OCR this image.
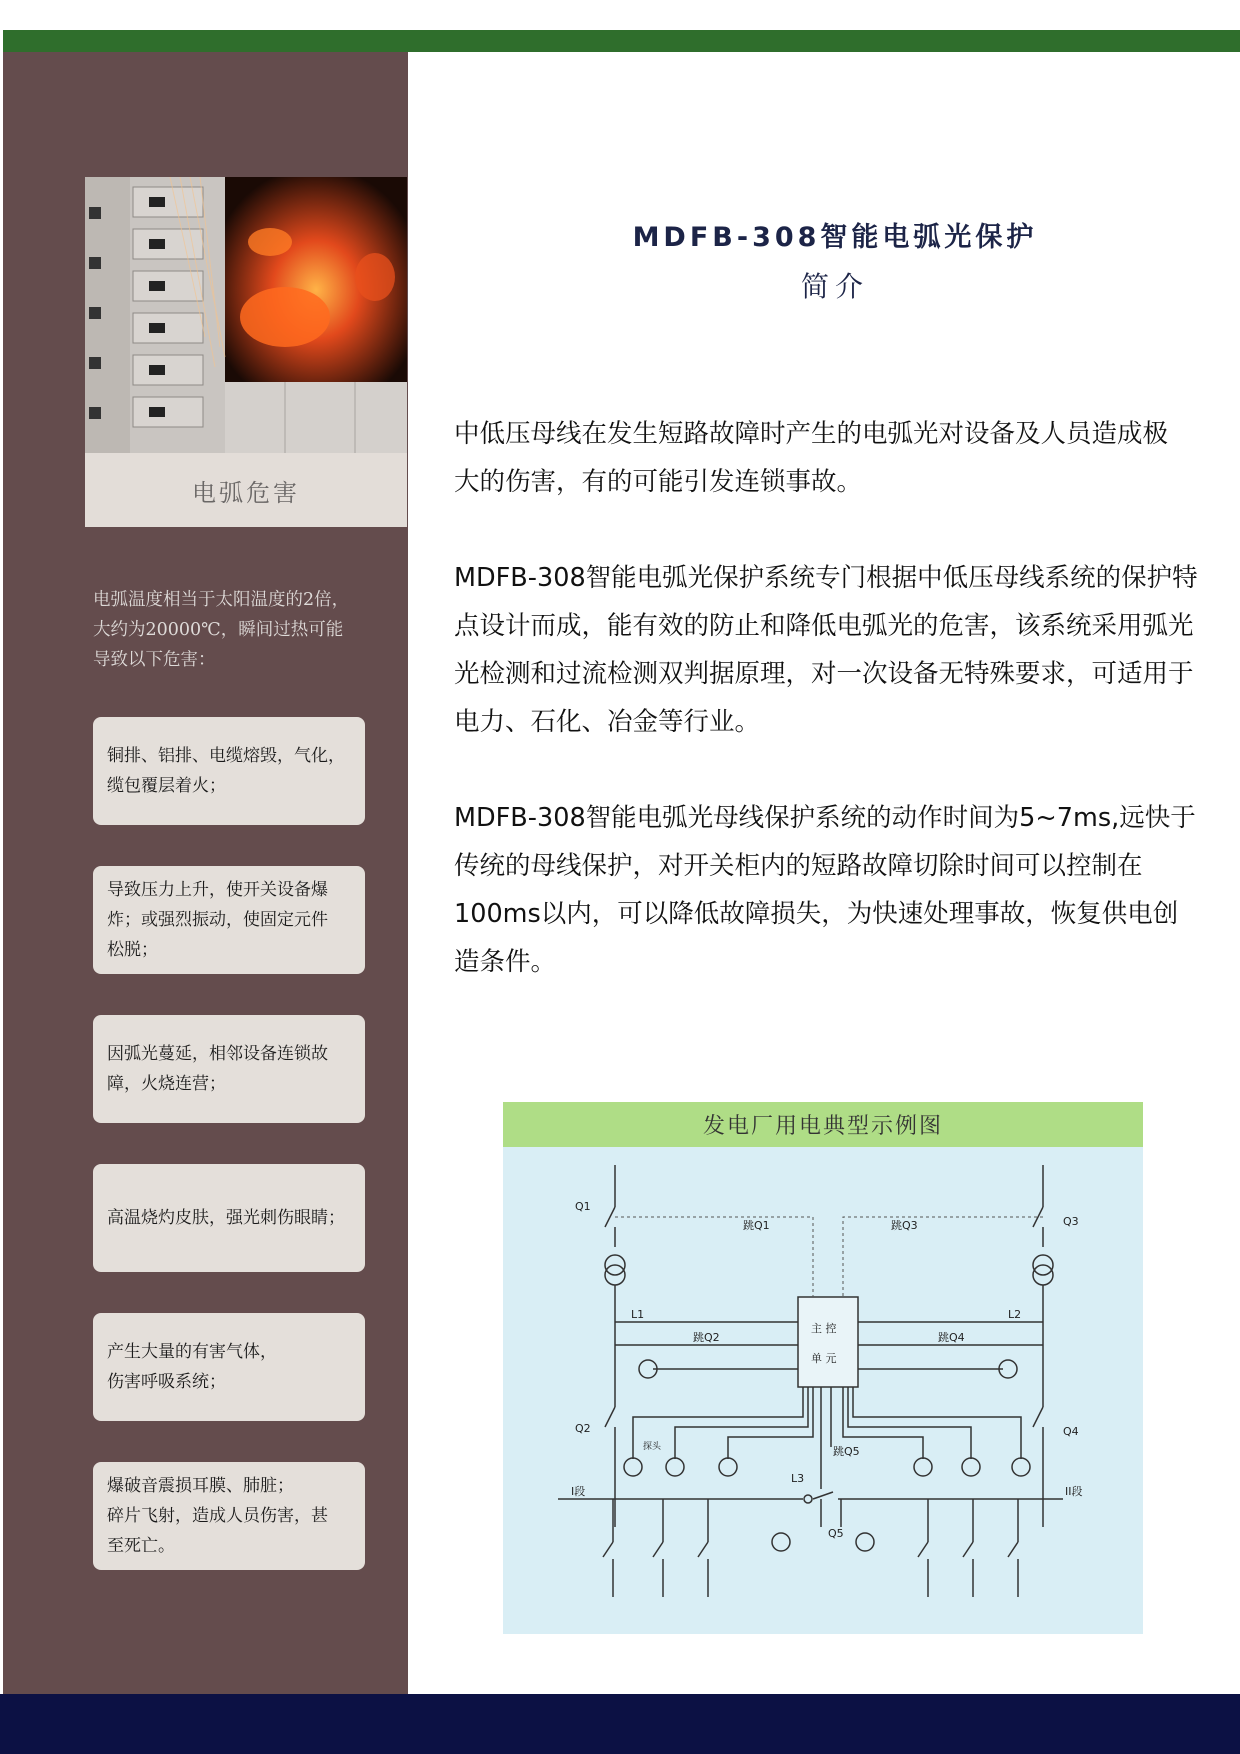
电弧危害
电弧温度相当于太阳温度的2倍，
大约为20000℃，瞬间过热可能
导致以下危害：
铜排、铝排、电缆熔毁，气化，
缆包覆层着火；
导致压力上升，使开关设备爆
炸；或强烈振动，使固定元件
松脱；
因弧光蔓延，相邻设备连锁故
障，火烧连营；
高温烧灼皮肤，强光刺伤眼睛；
产生大量的有害气体，
伤害呼吸系统；
爆破音震损耳膜、肺脏；
碎片飞射，造成人员伤害，甚
至死亡。
MDFB-308智能电弧光保护
简介
中低压母线在发生短路故障时产生的电弧光对设备及人员造成极
大的伤害，有的可能引发连锁事故。
MDFB-308智能电弧光保护系统专门根据中低压母线系统的保护特
点设计而成，能有效的防止和降低电弧光的危害，该系统采用弧光
光检测和过流检测双判据原理，对一次设备无特殊要求，可适用于
电力、石化、冶金等行业。
MDFB-308智能电弧光母线保护系统的动作时间为5~7ms,远快于
传统的母线保护，对开关柜内的短路故障切除时间可以控制在
100ms以内，可以降低故障损失，为快速处理事故，恢复供电创
造条件。
发电厂用电典型示例图
Q1
Q2
Q3
Q4
Q5
L1	L2
L3
跳Q1
跳Q2
跳Q3
跳Q4
跳Q5
主 控
单 元
探头
I段	II段
